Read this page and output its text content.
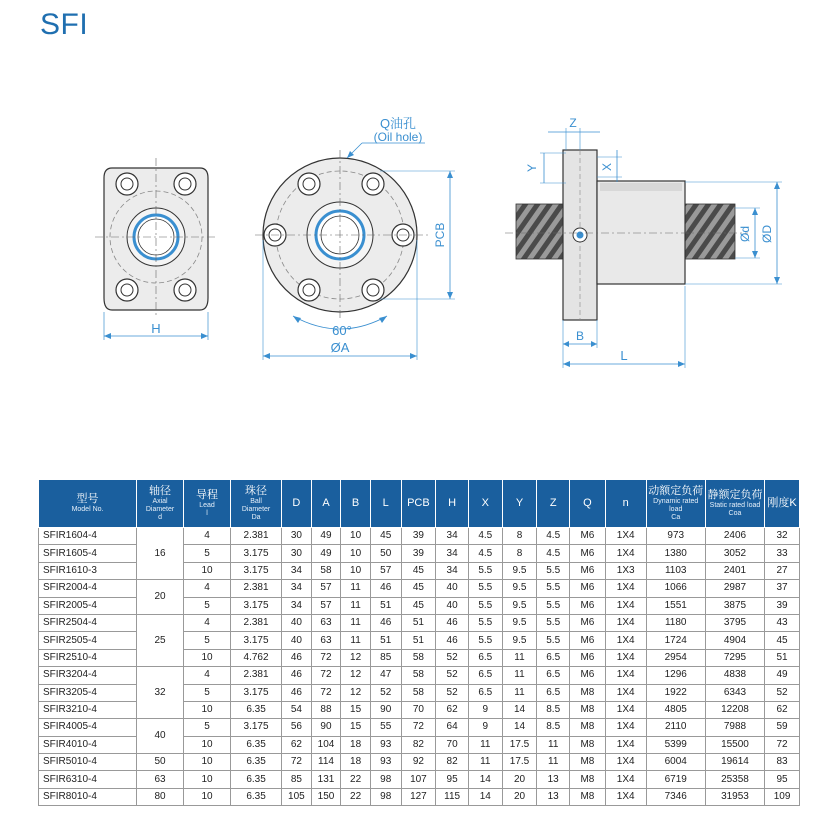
SFI
H
Q油孔
(Oil hole)
PCB
60°
ØA
Z
Y	X
Ød ØD
B
L
型号
Model No.	轴径
Axial
Diameter
d	导程
Lead
l	珠径
Ball
Diameter
Da	D	A	B	L	PCB	H	X	Y	Z	Q	n	动额定负荷
Dynamic rated load
Ca	静额定负荷
Static rated load
Coa	刚度K

SFIR1604-4	16	4	2.381	30	49	10	45	39	34	4.5	8	4.5	M6	1X4	973	2406	32
SFIR1605-4		5	3.175	30	49	10	50	39	34	4.5	8	4.5	M6	1X4	1380	3052	33
SFIR1610-3		10	3.175	34	58	10	57	45	34	5.5	9.5	5.5	M6	1X3	1103	2401	27
SFIR2004-4	20	4	2.381	34	57	11	46	45	40	5.5	9.5	5.5	M6	1X4	1066	2987	37
SFIR2005-4		5	3.175	34	57	11	51	45	40	5.5	9.5	5.5	M6	1X4	1551	3875	39
SFIR2504-4	25	4	2.381	40	63	11	46	51	46	5.5	9.5	5.5	M6	1X4	1180	3795	43
SFIR2505-4		5	3.175	40	63	11	51	51	46	5.5	9.5	5.5	M6	1X4	1724	4904	45
SFIR2510-4		10	4.762	46	72	12	85	58	52	6.5	11	6.5	M6	1X4	2954	7295	51
SFIR3204-4	32	4	2.381	46	72	12	47	58	52	6.5	11	6.5	M6	1X4	1296	4838	49
SFIR3205-4		5	3.175	46	72	12	52	58	52	6.5	11	6.5	M8	1X4	1922	6343	52
SFIR3210-4		10	6.35	54	88	15	90	70	62	9	14	8.5	M8	1X4	4805	12208	62
SFIR4005-4	40	5	3.175	56	90	15	55	72	64	9	14	8.5	M8	1X4	2110	7988	59
SFIR4010-4		10	6.35	62	104	18	93	82	70	11	17.5	11	M8	1X4	5399	15500	72
SFIR5010-4	50	10	6.35	72	114	18	93	92	82	11	17.5	11	M8	1X4	6004	19614	83
SFIR6310-4	63	10	6.35	85	131	22	98	107	95	14	20	13	M8	1X4	6719	25358	95
SFIR8010-4	80	10	6.35	105	150	22	98	127	115	14	20	13	M8	1X4	7346	31953	109
